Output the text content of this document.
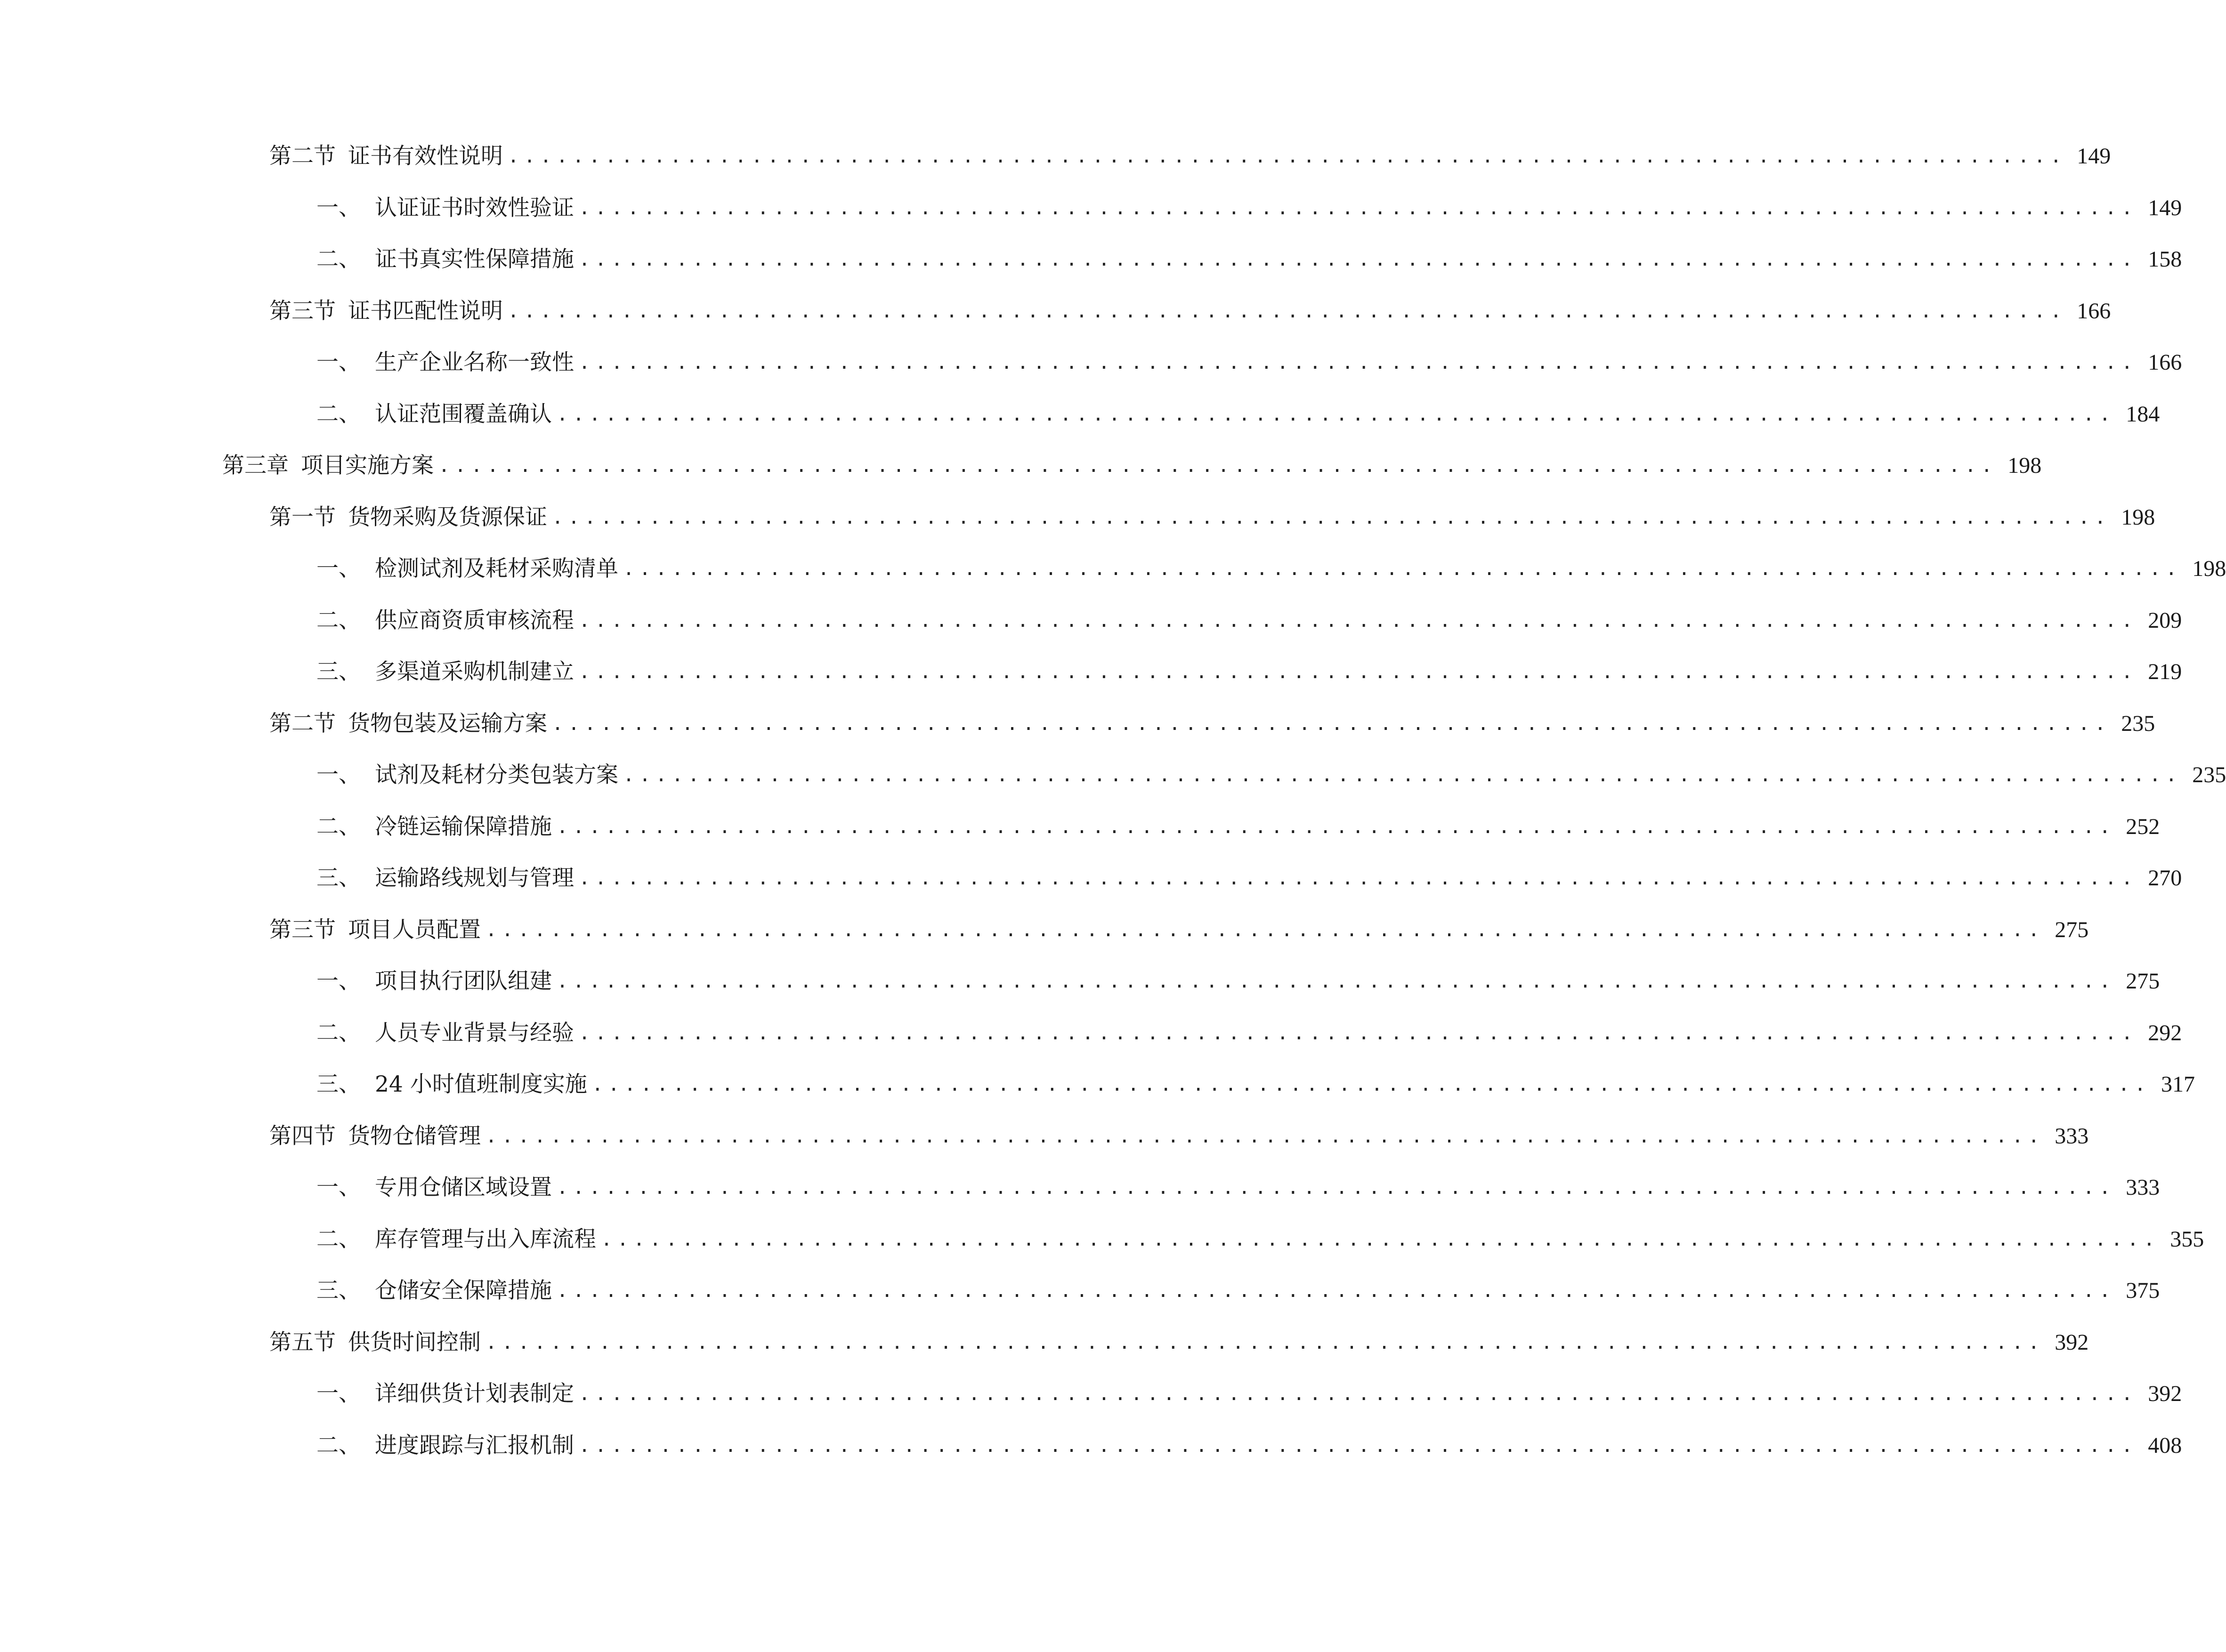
第二节 证书有效性说明 ................................................................................................ 149
一、 认证证书时效性验证 ................................................................................................ 149
二、 证书真实性保障措施 ................................................................................................ 158
第三节 证书匹配性说明 ................................................................................................ 166
一、 生产企业名称一致性 ................................................................................................ 166
二、 认证范围覆盖确认 ................................................................................................ 184
第三章 项目实施方案 ................................................................................................ 198
第一节 货物采购及货源保证 ................................................................................................ 198
一、 检测试剂及耗材采购清单 ................................................................................................ 198
二、 供应商资质审核流程 ................................................................................................ 209
三、 多渠道采购机制建立 ................................................................................................ 219
第二节 货物包装及运输方案 ................................................................................................ 235
一、 试剂及耗材分类包装方案 ................................................................................................ 235
二、 冷链运输保障措施 ................................................................................................ 252
三、 运输路线规划与管理 ................................................................................................ 270
第三节 项目人员配置 ................................................................................................ 275
一、 项目执行团队组建 ................................................................................................ 275
二、 人员专业背景与经验 ................................................................................................ 292
三、 24 小时值班制度实施 ................................................................................................ 317
第四节 货物仓储管理 ................................................................................................ 333
一、 专用仓储区域设置 ................................................................................................ 333
二、 库存管理与出入库流程 ................................................................................................ 355
三、 仓储安全保障措施 ................................................................................................ 375
第五节 供货时间控制 ................................................................................................ 392
一、 详细供货计划表制定 ................................................................................................ 392
二、 进度跟踪与汇报机制 ................................................................................................ 408
